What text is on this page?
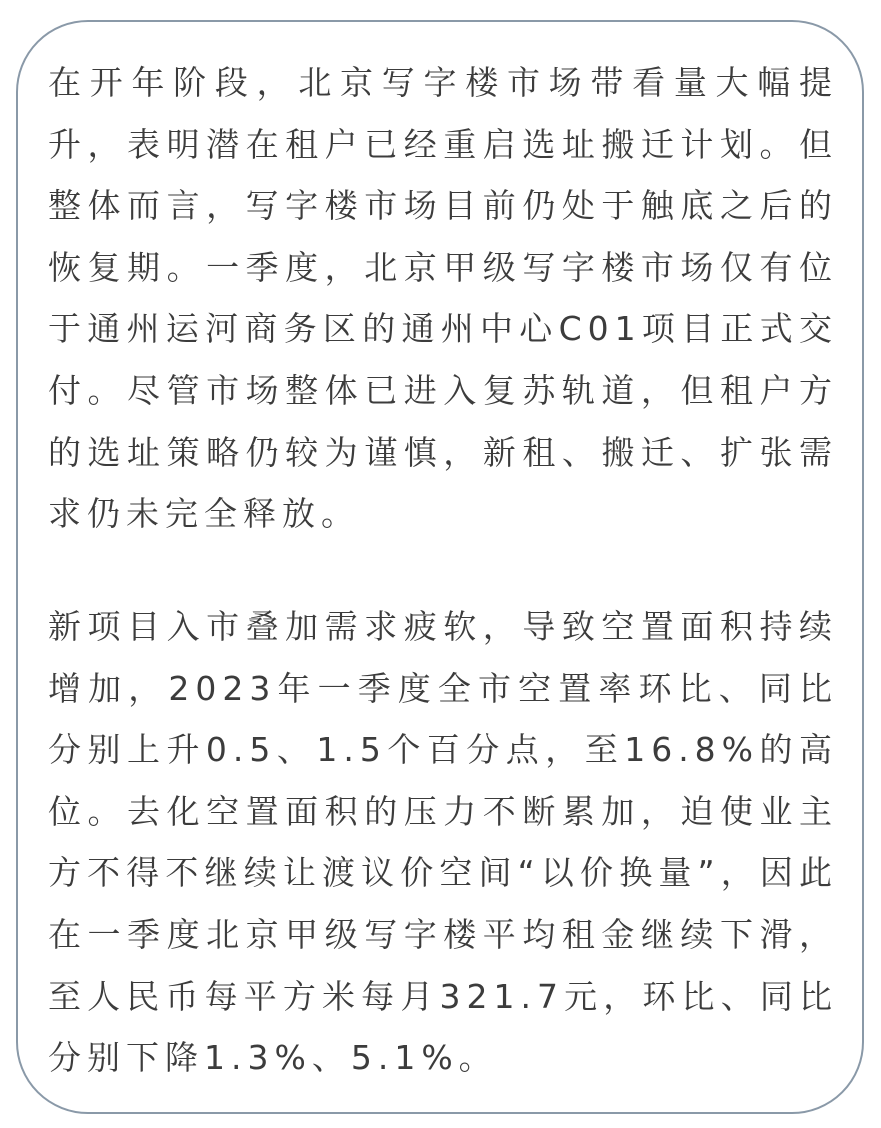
在开年阶段，北京写字楼市场带看量大幅提升，表明潜在租户已经重启选址搬迁计划。但整体而言，写字楼市场目前仍处于触底之后的恢复期。一季度，北京甲级写字楼市场仅有位于通州运河商务区的通州中心C01项目正式交付。尽管市场整体已进入复苏轨道，但租户方的选址策略仍较为谨慎，新租、搬迁、扩张需求仍未完全释放。

新项目入市叠加需求疲软，导致空置面积持续增加，2023年一季度全市空置率环比、同比分别上升0.5、1.5个百分点，至16.8%的高位。去化空置面积的压力不断累加，迫使业主方不得不继续让渡议价空间“以价换量”，因此在一季度北京甲级写字楼平均租金继续下滑，至人民币每平方米每月321.7元，环比、同比分别下降1.3%、5.1%。
